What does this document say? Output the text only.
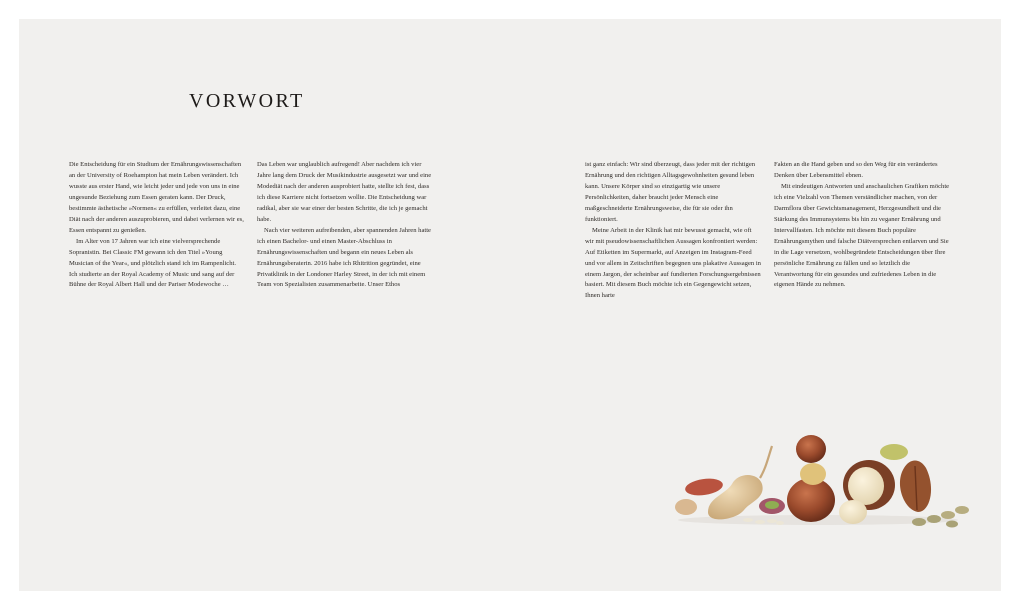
VORWORT

Die Entscheidung für ein Studium der Ernährungswissenschaften an der University of Roehampton hat mein Leben verändert. Ich wusste aus erster Hand, wie leicht jeder und jede von uns in eine ungesunde Beziehung zum Essen geraten kann. Der Druck, bestimmte ästhetische »Normen« zu erfüllen, verleitet dazu, eine Diät nach der anderen auszuprobieren, und dabei verlernen wir es, Essen entspannt zu genießen.

Im Alter von 17 Jahren war ich eine vielversprechende Sopranistin. Bei Classic FM gewann ich den Titel »Young Musician of the Year«, und plötzlich stand ich im Rampenlicht. Ich studierte an der Royal Academy of Music und sang auf der Bühne der Royal Albert Hall und der Pariser Modewoche …

Das Leben war unglaublich aufregend! Aber nachdem ich vier Jahre lang dem Druck der Musikindustrie ausgesetzt war und eine Modediät nach der anderen ausprobiert hatte, stellte ich fest, dass ich diese Karriere nicht fortsetzen wollte. Die Entscheidung war radikal, aber sie war einer der besten Schritte, die ich je gemacht habe.

Nach vier weiteren aufreibenden, aber spannenden Jahren hatte ich einen Bachelor- und einen Master-Abschluss in Ernährungswissenschaften und begann ein neues Leben als Ernährungsberaterin. 2016 habe ich Rhitrition gegründet, eine Privatklinik in der Londoner Harley Street, in der ich mit einem Team von Spezialisten zusammenarbeite. Unser Ethos

ist ganz einfach: Wir sind überzeugt, dass jeder mit der richtigen Ernährung und den richtigen Alltagsgewohnheiten gesund leben kann. Unsere Körper sind so einzigartig wie unsere Persönlichkeiten, daher braucht jeder Mensch eine maßgeschneiderte Ernährungsweise, die für sie oder ihn funktioniert.

Meine Arbeit in der Klinik hat mir bewusst gemacht, wie oft wir mit pseudowissenschaftlichen Aussagen konfrontiert werden: Auf Etiketten im Supermarkt, auf Anzeigen im Instagram-Feed und vor allem in Zeitschriften begegnen uns plakative Aussagen in einem Jargon, der scheinbar auf fundierten Forschungsergebnissen basiert. Mit diesem Buch möchte ich ein Gegengewicht setzen, Ihnen harte

Fakten an die Hand geben und so den Weg für ein verändertes Denken über Lebensmittel ebnen.

Mit eindeutigen Antworten und anschaulichen Grafiken möchte ich eine Vielzahl von Themen verständlicher machen, von der Darmflora über Gewichtsmanagement, Herzgesundheit und die Stärkung des Immunsystems bis hin zu veganer Ernährung und Intervallfasten. Ich möchte mit diesem Buch populäre Ernährungsmythen und falsche Diätversprechen entlarven und Sie in die Lage versetzen, wohlbegründete Entscheidungen über Ihre persönliche Ernährung zu fällen und so letztlich die Verantwortung für ein gesundes und zufriedenes Leben in die eigenen Hände zu nehmen.
